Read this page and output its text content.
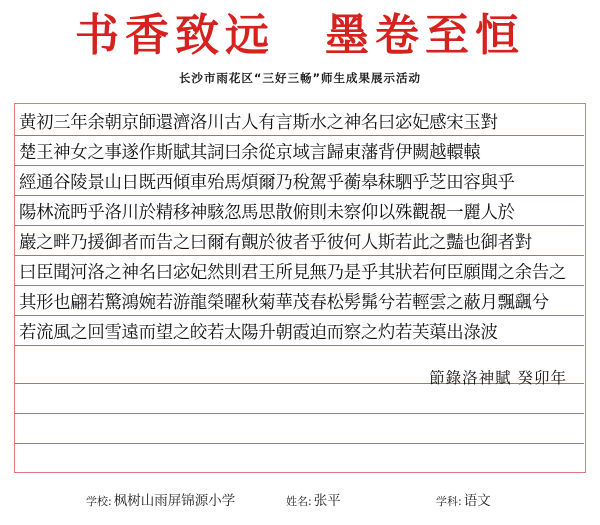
书香致远　墨卷至恒
长沙市雨花区“三好三畅”师生成果展示活动
黄初三年余朝京師還濟洛川古人有言斯水之神名曰宓妃感宋玉對
楚王神女之事遂作斯賦其詞曰余從京域言歸東藩背伊闕越轘轅
經通谷陵景山日既西傾車殆馬煩爾乃稅駕乎蘅皋秣駟乎芝田容與乎
陽林流眄乎洛川於精移神駭忽馬思散俯則未察仰以殊觀覩一麗人於
巖之畔乃援御者而告之曰爾有覿於彼者乎彼何人斯若此之豔也御者對
曰臣聞河洛之神名曰宓妃然則君王所見無乃是乎其狀若何臣願聞之余告之
其形也翩若驚鴻婉若游龍榮曜秋菊華茂春松髣髴兮若輕雲之蔽月飄颻兮
若流風之回雪遠而望之皎若太陽升朝霞迫而察之灼若芙蕖出淥波
節錄洛神賦 癸卯年
学校: 枫树山雨屏锦源小学	姓名: 张平	学科: 语文
